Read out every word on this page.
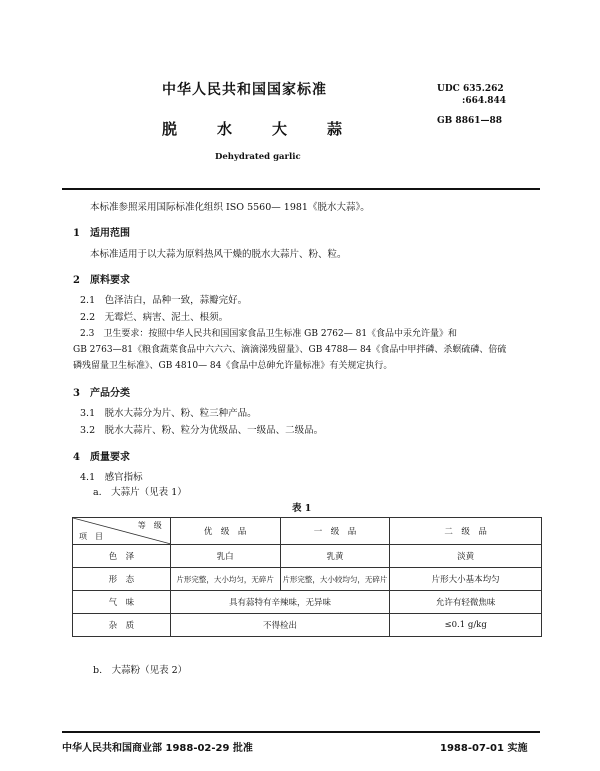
中华人民共和国国家标准	UDC 635.262
:664.844
GB 8861—88
脱	水	大	蒜
Dehydrated garlic
本标准参照采用国际标准化组织 ISO 5560— 1981《脱水大蒜》。
1　适用范围
本标准适用于以大蒜为原料热风干燥的脱水大蒜片、粉、粒。
2　原料要求
2.1　色泽洁白，品种一致，蒜瓣完好。
2.2　无霉烂、病害、泥土、根须。
2.3　卫生要求：按照中华人民共和国国家食品卫生标准 GB 2762— 81《食品中汞允许量》和
GB 2763—81《粮食蔬菜食品中六六六、滴滴涕残留量》、GB 4788— 84《食品中甲拌磷、杀螟硫磷、倍硫
磷残留量卫生标准》、GB 4810— 84《食品中总砷允许量标准》有关规定执行。
3　产品分类
3.1　脱水大蒜分为片、粉、粒三种产品。
3.2　脱水大蒜片、粉、粒分为优级品、一级品、二级品。
4　质量要求
4.1　感官指标
a.　大蒜片（见表 1）
表 1
等　级
项　目	优　级　品	一　级　品	二　级　品
色　泽	乳白	乳黄	淡黄
形　态	片形完整，大小均匀，无碎片	片形完整，大小较均匀，无碎片	片形大小基本均匀
气　味	具有蒜特有辛辣味，无异味		允许有轻微焦味
杂　质	不得检出		≤0.1 g/kg
b.　大蒜粉（见表 2）
中华人民共和国商业部 1988-02-29 批准	1988-07-01 实施
